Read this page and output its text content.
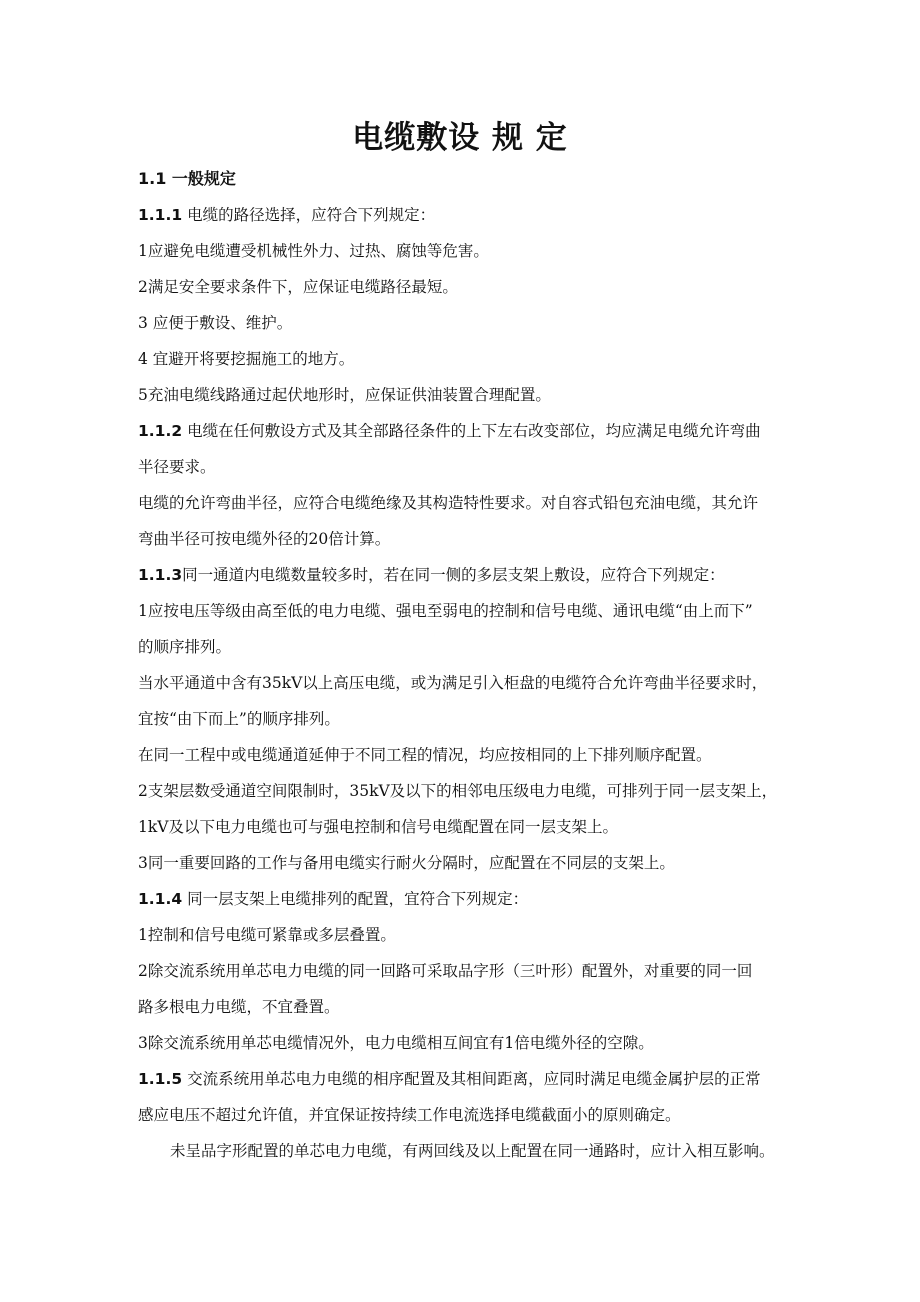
电缆敷设 规 定
1.1 一般规定
1.1.1 电缆的路径选择，应符合下列规定：
1应避免电缆遭受机械性外力、过热、腐蚀等危害。
2满足安全要求条件下，应保证电缆路径最短。
3 应便于敷设、维护。
4 宜避开将要挖掘施工的地方。
5充油电缆线路通过起伏地形时，应保证供油装置合理配置。
1.1.2 电缆在任何敷设方式及其全部路径条件的上下左右改变部位，均应满足电缆允许弯曲
半径要求。
电缆的允许弯曲半径，应符合电缆绝缘及其构造特性要求。对自容式铅包充油电缆，其允许
弯曲半径可按电缆外径的20倍计算。
1.1.3同一通道内电缆数量较多时，若在同一侧的多层支架上敷设，应符合下列规定：
1应按电压等级由高至低的电力电缆、强电至弱电的控制和信号电缆、通讯电缆“由上而下”
的顺序排列。
当水平通道中含有35kV以上高压电缆，或为满足引入柜盘的电缆符合允许弯曲半径要求时，
宜按“由下而上”的顺序排列。
在同一工程中或电缆通道延伸于不同工程的情况，均应按相同的上下排列顺序配置。
2支架层数受通道空间限制时，35kV及以下的相邻电压级电力电缆，可排列于同一层支架上，
1kV及以下电力电缆也可与强电控制和信号电缆配置在同一层支架上。
3同一重要回路的工作与备用电缆实行耐火分隔时，应配置在不同层的支架上。
1.1.4 同一层支架上电缆排列的配置，宜符合下列规定：
1控制和信号电缆可紧靠或多层叠置。
2除交流系统用单芯电力电缆的同一回路可采取品字形（三叶形）配置外，对重要的同一回
路多根电力电缆，不宜叠置。
3除交流系统用单芯电缆情况外，电力电缆相互间宜有1倍电缆外径的空隙。
1.1.5 交流系统用单芯电力电缆的相序配置及其相间距离，应同时满足电缆金属护层的正常
感应电压不超过允许值，并宜保证按持续工作电流选择电缆截面小的原则确定。
未呈品字形配置的单芯电力电缆，有两回线及以上配置在同一通路时，应计入相互影响。
